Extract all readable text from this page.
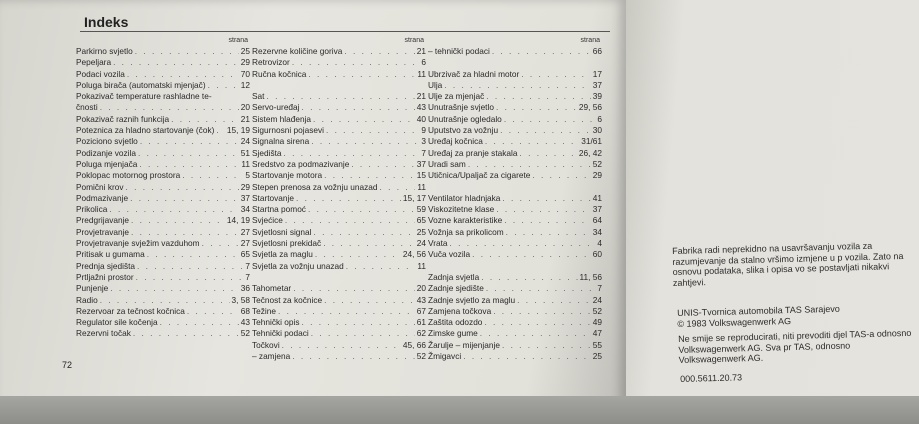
Indeks
strana
Parkirno svjetlo . . .	25
Pepeljara . . .	29
Podaci vozila . . .	70
Poluga birača (automatski mjenjač) . . .	12
Pokazivač temperature rashladne te-
čnosti . . .	20
Pokazivač raznih funkcija . . .	21
Poteznica za hladno startovanje (čok) . . . 15, 19
Poziciono svjetlo . . .	24
Podizanje vozila . . .	51
Poluga mjenjača . . .	11
Poklopac motornog prostora . . .	5
Pomični krov . . .	29
Podmazivanje . . .	37
Prikolica . . .	34
Predgrijavanje . . .	14, 19
Provjetravanje . . .	27
Provjetravanje svježim vazduhom . . .	27
Pritisak u gumama . . .	65
Prednja sjedišta . . .	7
Prtljažni prostor . . .	7
Punjenje . . .	36
Radio . . .	3, 58
Rezervoar za tečnost kočnica . . .	68
Regulator sile kočenja . . .	43
Rezervni točak . . .	52
strana
Rezervne količine goriva . . .	21
Retrovizor . . .	6
Ručna kočnica . . .	11
Sat . . .	21
Servo-uređaj . . .	43
Sistem hlađenja . . .	40
Sigurnosni pojasevi . . .	9
Signalna sirena . . .	3
Sjedišta . . .	7
Sredstvo za podmazivanje . . .	37
Startovanje motora . . .	15
Stepen prenosa za vožnju unazad . . .	11
Startovanje . . .	15, 17
Startna pomoć . . .	59
Svjećice . . .	65
Svjetlosni signal . . .	25
Svjetlosni prekidač . . .	24
Svjetla za maglu . . .	24, 56
Svjetla za vožnju unazad . . .	11
Tahometar . . .	20
Tečnost za kočnice . . .	43
Težine . . .	67
Tehnički opis . . .	61
Tehnički podaci . . .	62
Točkovi . . .	45, 66
– zamjena . . .	52
strana
– tehnički podaci . . .	66
Ubrzivač za hladni motor . . .	17
Ulja . . .	37
Ulje za mjenjač . . .	39
Unutrašnje svjetlo . . .	29, 56
Unutrašnje ogledalo . . .	6
Uputstvo za vožnju . . .	30
Uređaj kočnica . . .	31/61
Uređaj za pranje stakala . . .	26, 42
Uradi sam . . .	52
Utičnica/Upaljač za cigarete . . .	29
Ventilator hladnjaka . . .	41
Viskozitetne klase . . .	37
Vozne karakteristike . . .	64
Vožnja sa prikolicom . . .	34
Vrata . . .	4
Vuča vozila . . .	60
Zadnja svjetla . . .	11, 56
Zadnje sjedište . . .	7
Zadnje svjetlo za maglu . . .	24
Zamjena točkova . . .	52
Zaštita odozdo . . .	49
Zimske gume . . .	47
Žarulje – mijenjanje . . .	55
Žmigavci . . .	25
72
Fabrika radi neprekidno na usavršavanju vozila za razumjevanje da stalno vršimo izmjene u p vozila. Zato na osnovu podataka, slika i opisa vo se postavljati nikakvi zahtjevi.
UNIS-Tvornica automobila TAS Sarajevo
© 1983 Volkswagenwerk AG
Ne smije se reproducirati, niti prevoditi djel TAS-a odnosno Volkswagenwerk AG. Sva pr TAS, odnosno Volkswagenwerk AG.
000.5611.20.73
